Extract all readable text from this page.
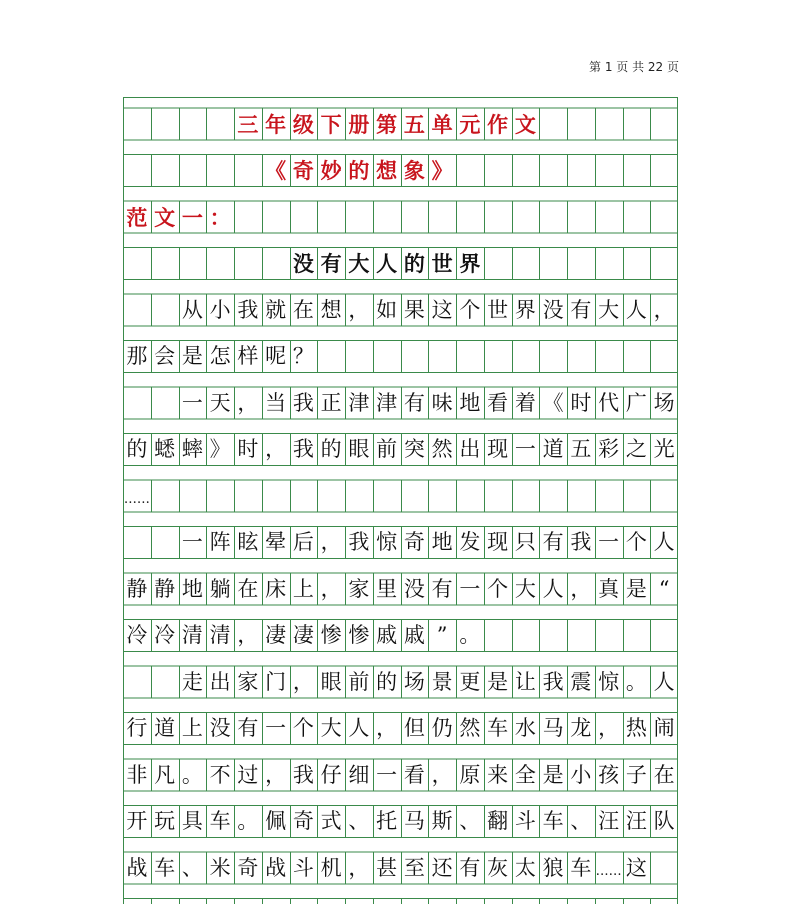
第 1 页 共 22 页
三 年 级 下 册 第 五 单 元 作 文
《 奇 妙 的 想 象 》
范 文 一 ：
没 有 大 人 的 世 界
从 小 我 就 在 想 ， 如 果 这 个 世 界 没 有 大 人 ，
那 会 是 怎 样 呢 ？
一 天 ， 当 我 正 津 津 有 味 地 看 着 《 时 代 广 场
的 蟋 蟀 》 时 ， 我 的 眼 前 突 然 出 现 一 道 五 彩 之 光
……
一 阵 眩 晕 后 ， 我 惊 奇 地 发 现 只 有 我 一 个 人
静 静 地 躺 在 床 上 ， 家 里 没 有 一 个 大 人 ， 真 是 “
冷 冷 清 清 ， 凄 凄 惨 惨 戚 戚 ” 。
走 出 家 门 ， 眼 前 的 场 景 更 是 让 我 震 惊 。 人
行 道 上 没 有 一 个 大 人 ， 但 仍 然 车 水 马 龙 ， 热 闹
非 凡 。 不 过 ， 我 仔 细 一 看 ， 原 来 全 是 小 孩 子 在
开 玩 具 车 。 佩 奇 式 、 托 马 斯 、 翻 斗 车 、 汪 汪 队
战 车 、 米 奇 战 斗 机 ， 甚 至 还 有 灰 太 狼 车 …… 这
